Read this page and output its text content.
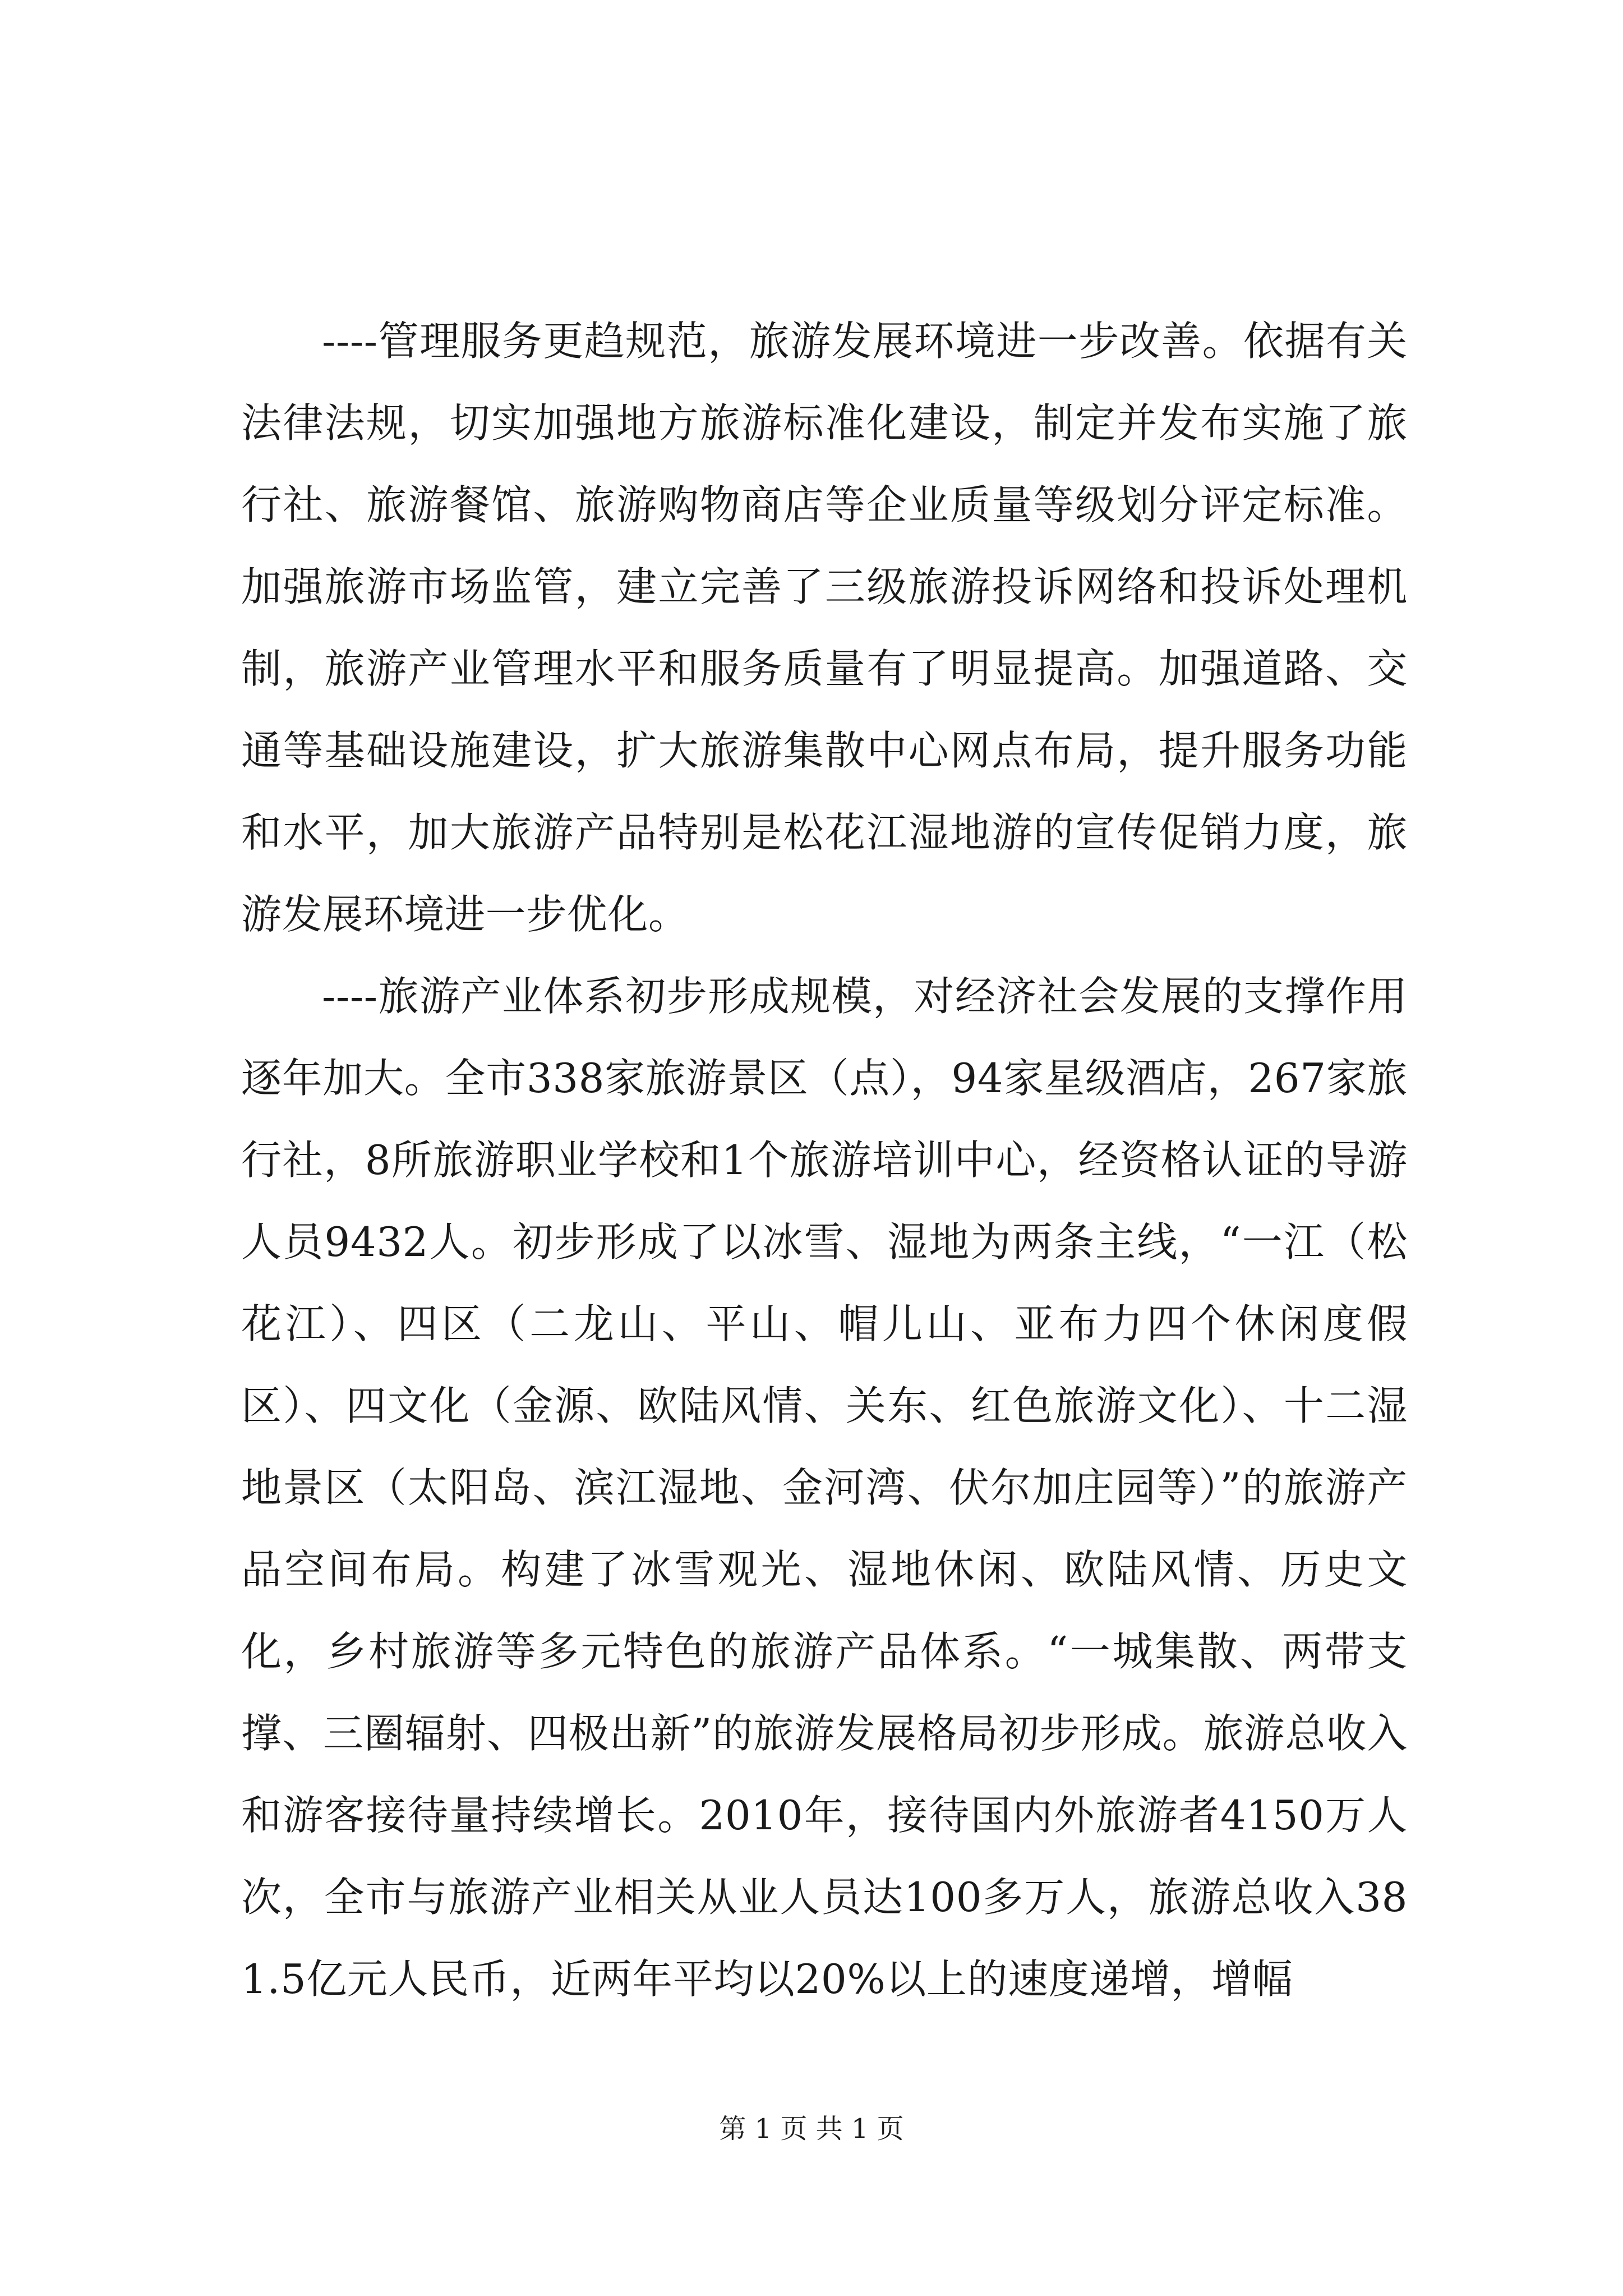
----管理服务更趋规范，旅游发展环境进一步改善。依据有关法律法规，切实加强地方旅游标准化建设，制定并发布实施了旅行社、旅游餐馆、旅游购物商店等企业质量等级划分评定标准。加强旅游市场监管，建立完善了三级旅游投诉网络和投诉处理机制，旅游产业管理水平和服务质量有了明显提高。加强道路、交通等基础设施建设，扩大旅游集散中心网点布局，提升服务功能和水平，加大旅游产品特别是松花江湿地游的宣传促销力度，旅游发展环境进一步优化。

----旅游产业体系初步形成规模，对经济社会发展的支撑作用逐年加大。全市338家旅游景区（点），94家星级酒店，267家旅行社，8所旅游职业学校和1个旅游培训中心，经资格认证的导游人员9432人。初步形成了以冰雪、湿地为两条主线，“一江（松花江）、四区（二龙山、平山、帽儿山、亚布力四个休闲度假区）、四文化（金源、欧陆风情、关东、红色旅游文化）、十二湿地景区（太阳岛、滨江湿地、金河湾、伏尔加庄园等）”的旅游产品空间布局。构建了冰雪观光、湿地休闲、欧陆风情、历史文化，乡村旅游等多元特色的旅游产品体系。“一城集散、两带支撑、三圈辐射、四极出新”的旅游发展格局初步形成。旅游总收入和游客接待量持续增长。2010年，接待国内外旅游者4150万人次，全市与旅游产业相关从业人员达100多万人，旅游总收入381.5亿元人民币，近两年平均以20%以上的速度递增，增幅

第 1 页 共 1 页
